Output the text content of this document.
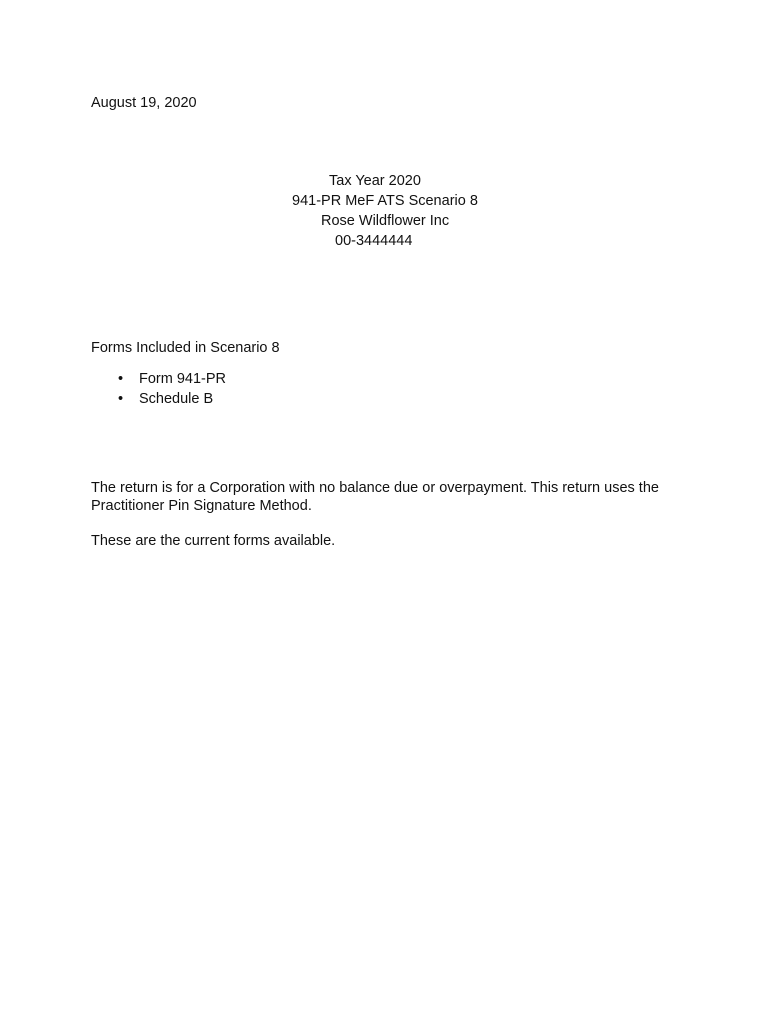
August 19, 2020

Tax Year 2020

941-PR MeF ATS Scenario 8

Rose Wildflower Inc

00-3444444

Forms Included in Scenario 8

• Form 941-PR
• Schedule B

The return is for a Corporation with no balance due or overpayment. This return uses the Practitioner Pin Signature Method.

These are the current forms available.
